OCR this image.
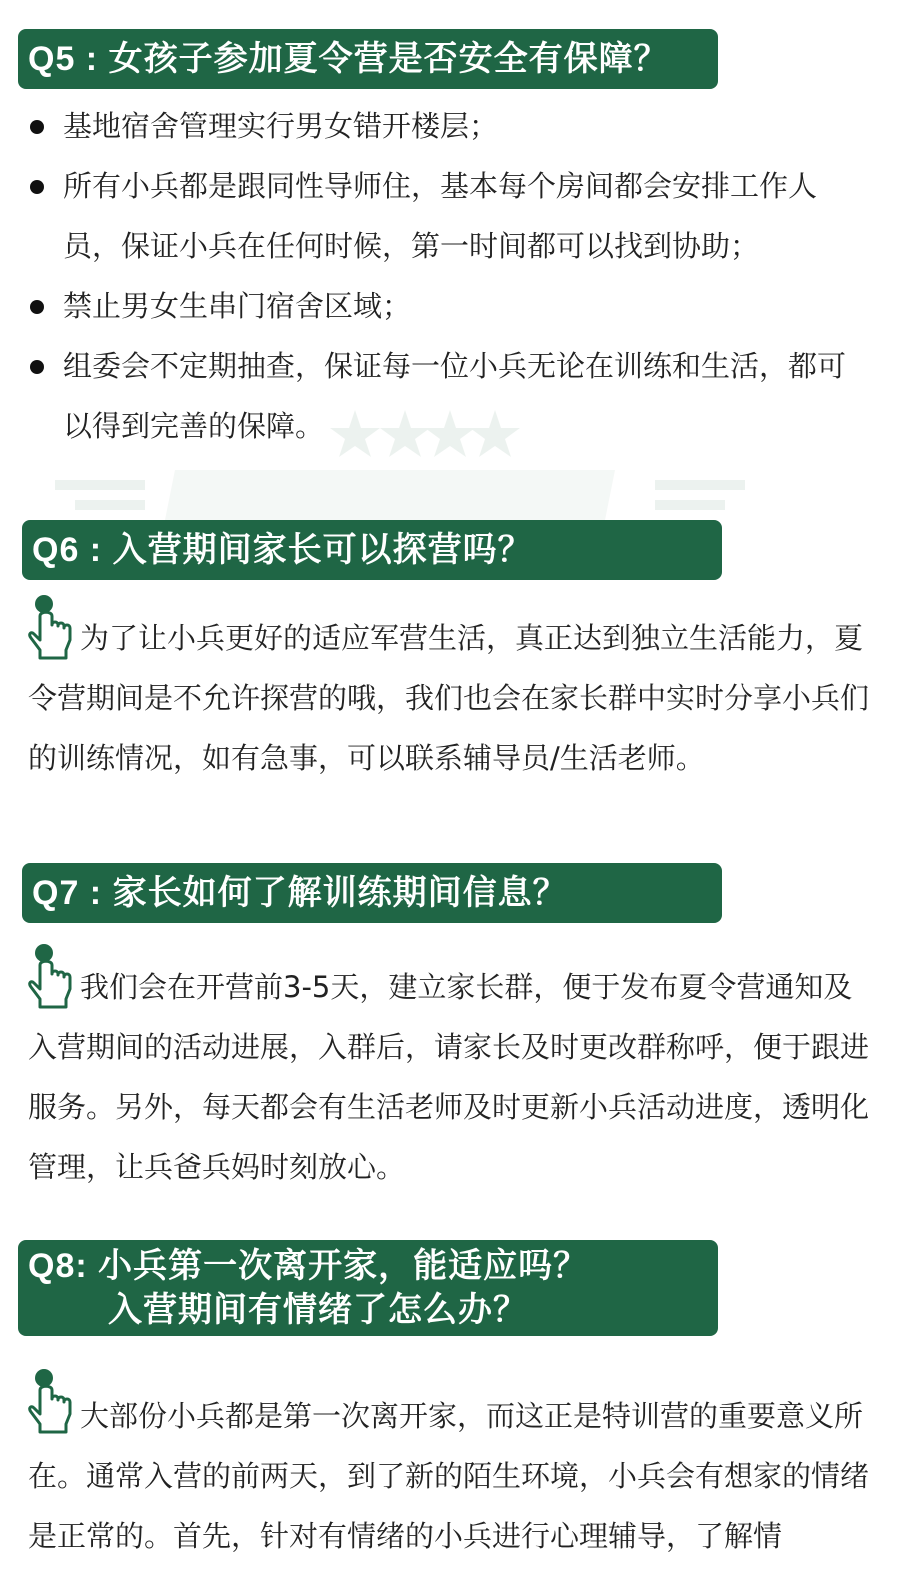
Q5 : 女孩子参加夏令营是否安全有保障？
基地宿舍管理实行男女错开楼层；
所有小兵都是跟同性导师住，基本每个房间都会安排工作人员，保证小兵在任何时候，第一时间都可以找到协助；
禁止男女生串门宿舍区域；
组委会不定期抽查，保证每一位小兵无论在训练和生活，都可以得到完善的保障。
Q6 : 入营期间家长可以探营吗？

为了让小兵更好的适应军营生活，真正达到独立生活能力，夏令营期间是不允许探营的哦，我们也会在家长群中实时分享小兵们的训练情况，如有急事，可以联系辅导员/生活老师。

Q7 : 家长如何了解训练期间信息？

我们会在开营前3-5天，建立家长群，便于发布夏令营通知及入营期间的活动进展，入群后，请家长及时更改群称呼，便于跟进服务。另外，每天都会有生活老师及时更新小兵活动进度，透明化管理，让兵爸兵妈时刻放心。

Q8: 小兵第一次离开家，能适应吗？
入营期间有情绪了怎么办？

大部份小兵都是第一次离开家，而这正是特训营的重要意义所在。通常入营的前两天，到了新的陌生环境，小兵会有想家的情绪是正常的。首先，针对有情绪的小兵进行心理辅导，了解情
